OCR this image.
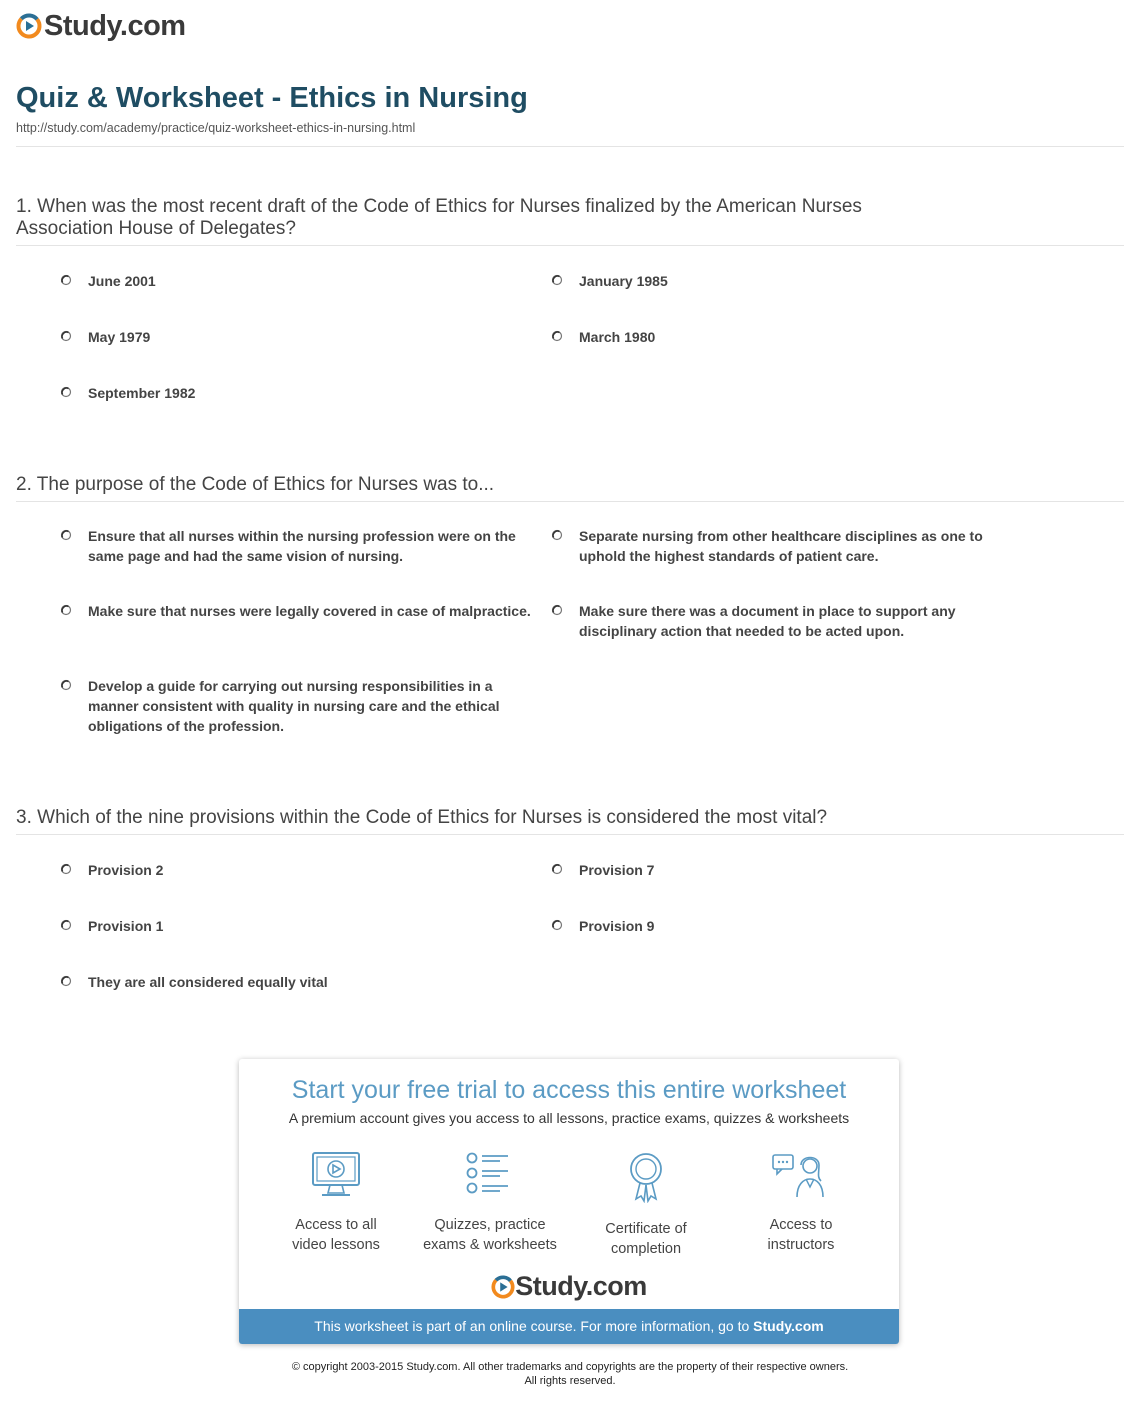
Study.com
Quiz & Worksheet - Ethics in Nursing
http://study.com/academy/practice/quiz-worksheet-ethics-in-nursing.html
1. When was the most recent draft of the Code of Ethics for Nurses finalized by the American Nurses Association House of Delegates?
June 2001	January 1985
May 1979	March 1980
September 1982
2. The purpose of the Code of Ethics for Nurses was to...
Ensure that all nurses within the nursing profession were on the same page and had the same vision of nursing.
Separate nursing from other healthcare disciplines as one to uphold the highest standards of patient care.
Make sure that nurses were legally covered in case of malpractice.	Make sure there was a document in place to support any disciplinary action that needed to be acted upon.
Develop a guide for carrying out nursing responsibilities in a manner consistent with quality in nursing care and the ethical obligations of the profession.
3. Which of the nine provisions within the Code of Ethics for Nurses is considered the most vital?
Provision 2	Provision 7
Provision 1	Provision 9
They are all considered equally vital
Start your free trial to access this entire worksheet
A premium account gives you access to all lessons, practice exams, quizzes & worksheets
Access to all
video lessons
Quizzes, practice
exams & worksheets
Certificate of
completion
Access to
instructors
Study.com
This worksheet is part of an online course. For more information, go to Study.com
© copyright 2003-2015 Study.com. All other trademarks and copyrights are the property of their respective owners.
All rights reserved.
